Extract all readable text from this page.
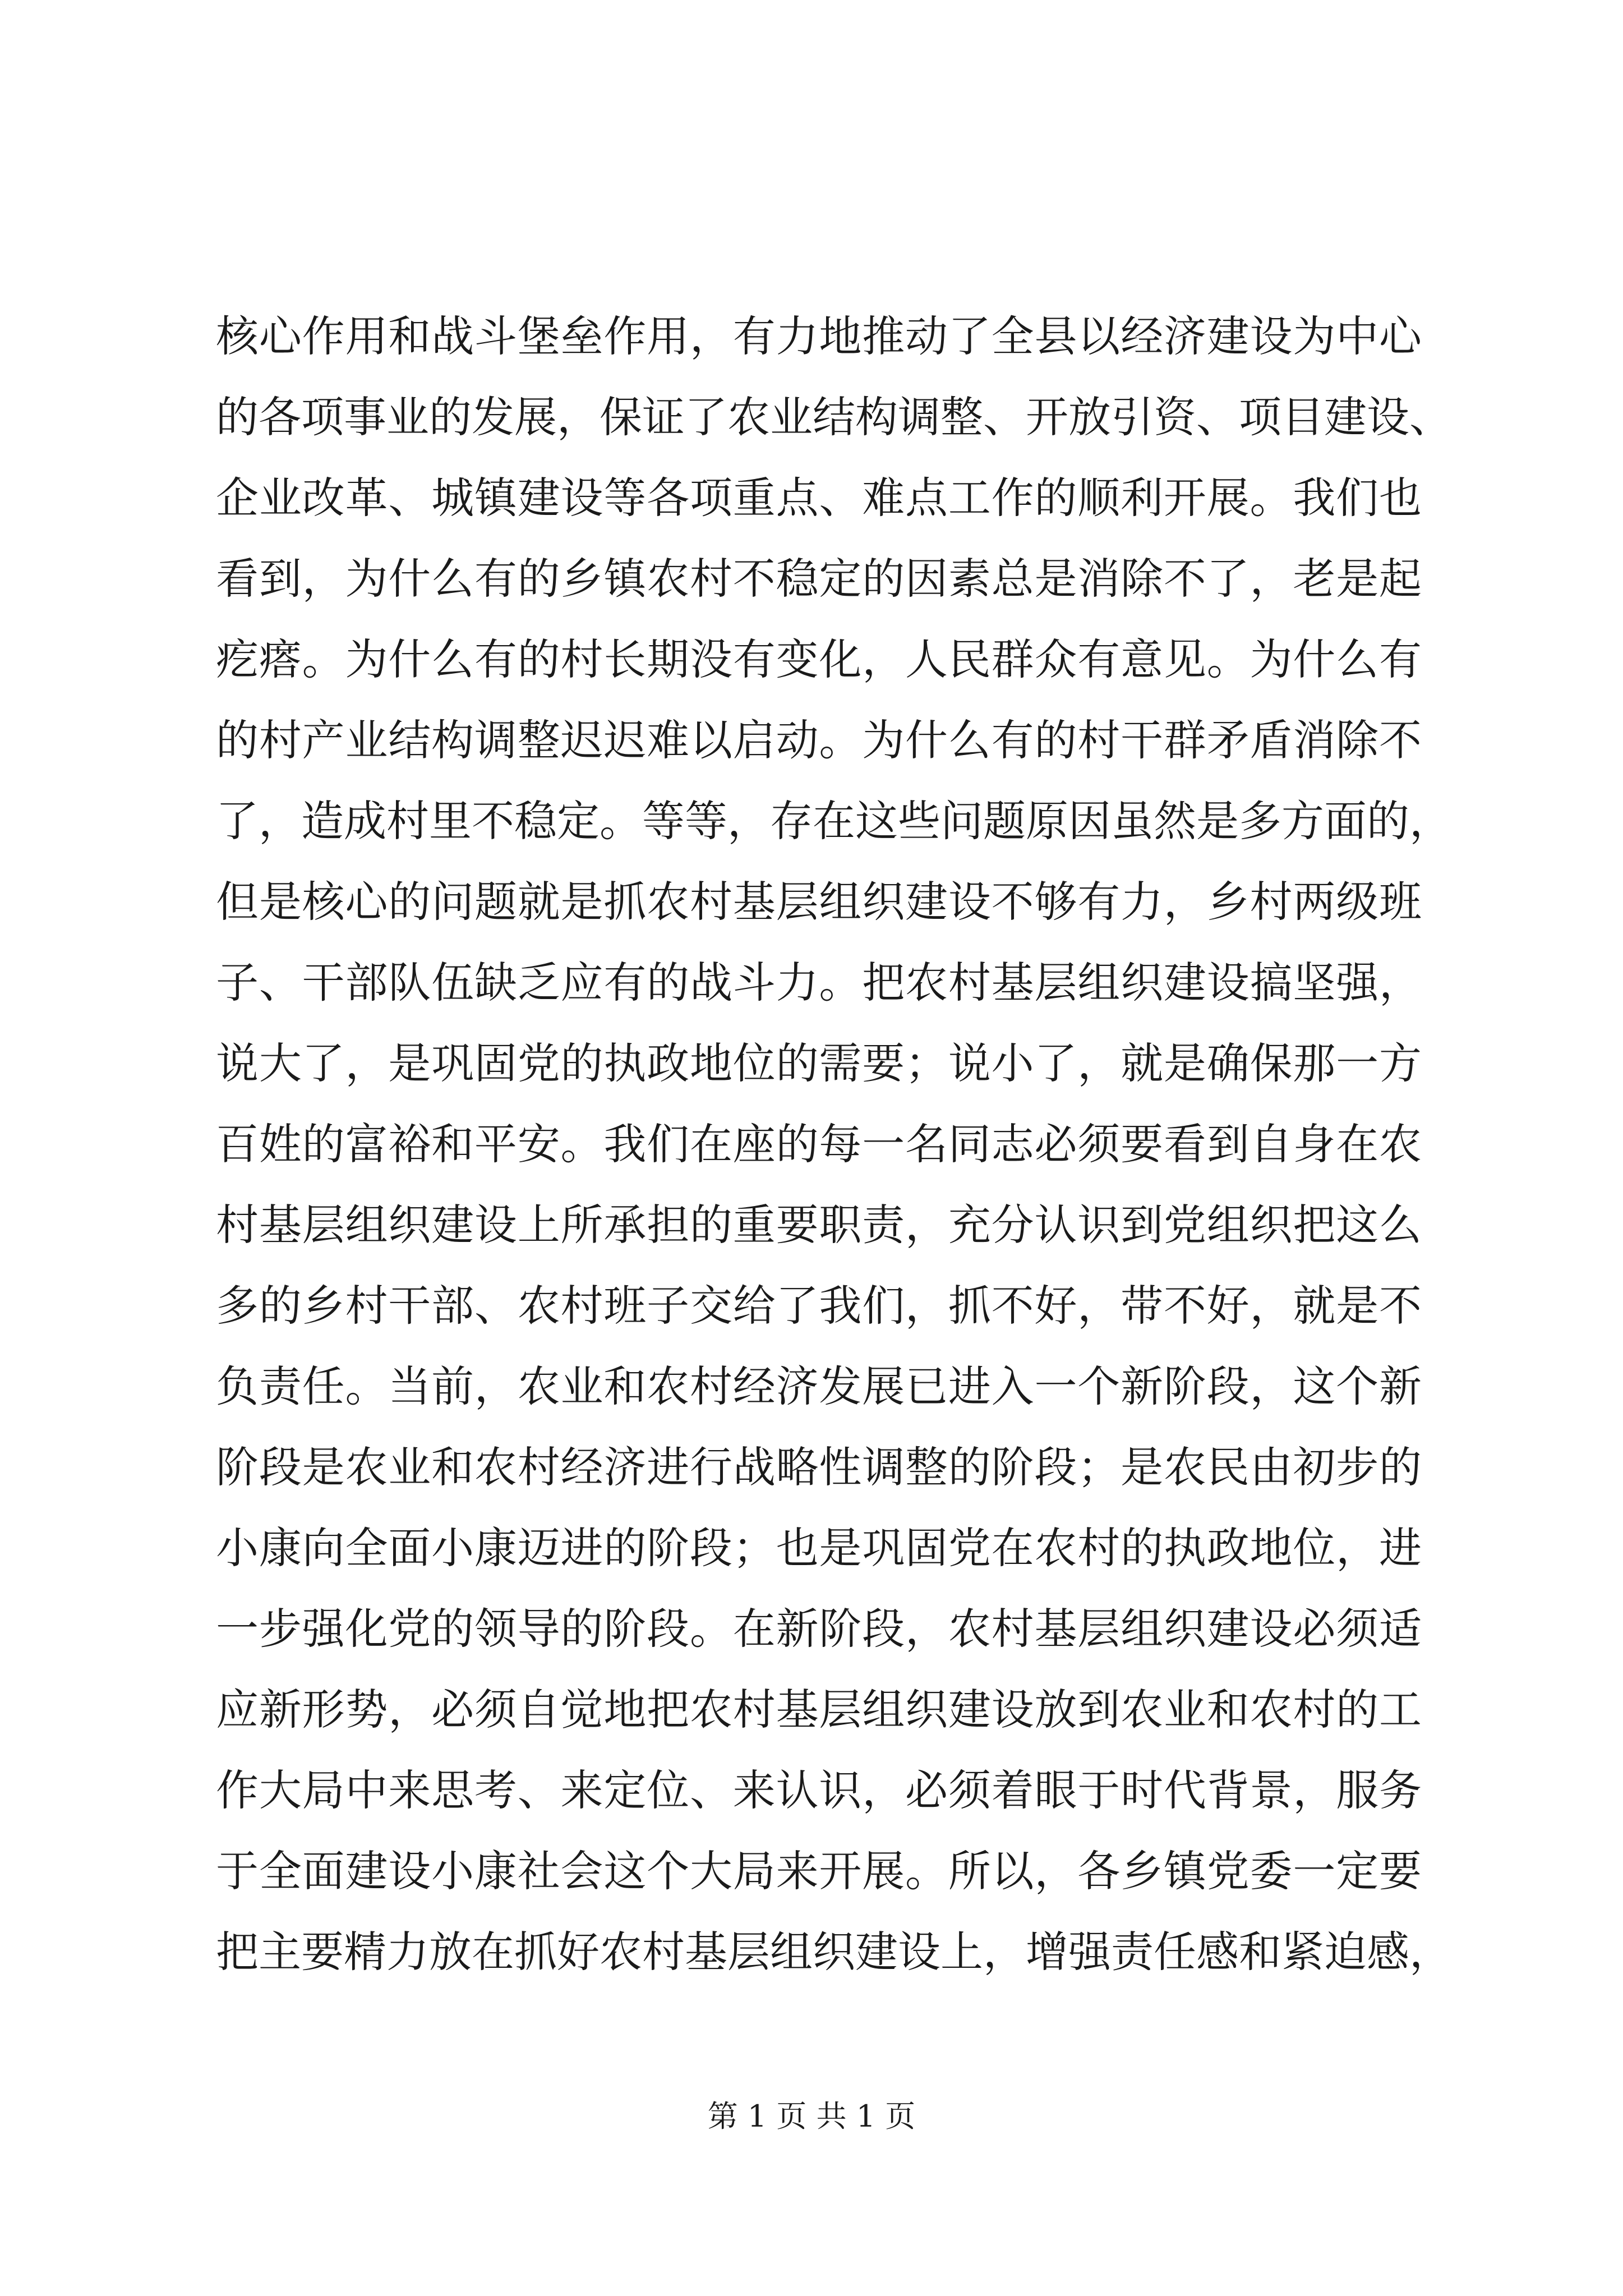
核心作用和战斗堡垒作用，有力地推动了全县以经济建设为中心
的各项事业的发展，保证了农业结构调整、开放引资、项目建设、
企业改革、城镇建设等各项重点、难点工作的顺利开展。我们也
看到，为什么有的乡镇农村不稳定的因素总是消除不了，老是起
疙瘩。为什么有的村长期没有变化，人民群众有意见。为什么有
的村产业结构调整迟迟难以启动。为什么有的村干群矛盾消除不
了，造成村里不稳定。等等，存在这些问题原因虽然是多方面的，
但是核心的问题就是抓农村基层组织建设不够有力，乡村两级班
子、干部队伍缺乏应有的战斗力。把农村基层组织建设搞坚强，
说大了，是巩固党的执政地位的需要；说小了，就是确保那一方
百姓的富裕和平安。我们在座的每一名同志必须要看到自身在农
村基层组织建设上所承担的重要职责，充分认识到党组织把这么
多的乡村干部、农村班子交给了我们，抓不好，带不好，就是不
负责任。当前，农业和农村经济发展已进入一个新阶段，这个新
阶段是农业和农村经济进行战略性调整的阶段；是农民由初步的
小康向全面小康迈进的阶段；也是巩固党在农村的执政地位，进
一步强化党的领导的阶段。在新阶段，农村基层组织建设必须适
应新形势，必须自觉地把农村基层组织建设放到农业和农村的工
作大局中来思考、来定位、来认识，必须着眼于时代背景，服务
于全面建设小康社会这个大局来开展。所以，各乡镇党委一定要
把主要精力放在抓好农村基层组织建设上，增强责任感和紧迫感，
第 1 页 共 1 页
